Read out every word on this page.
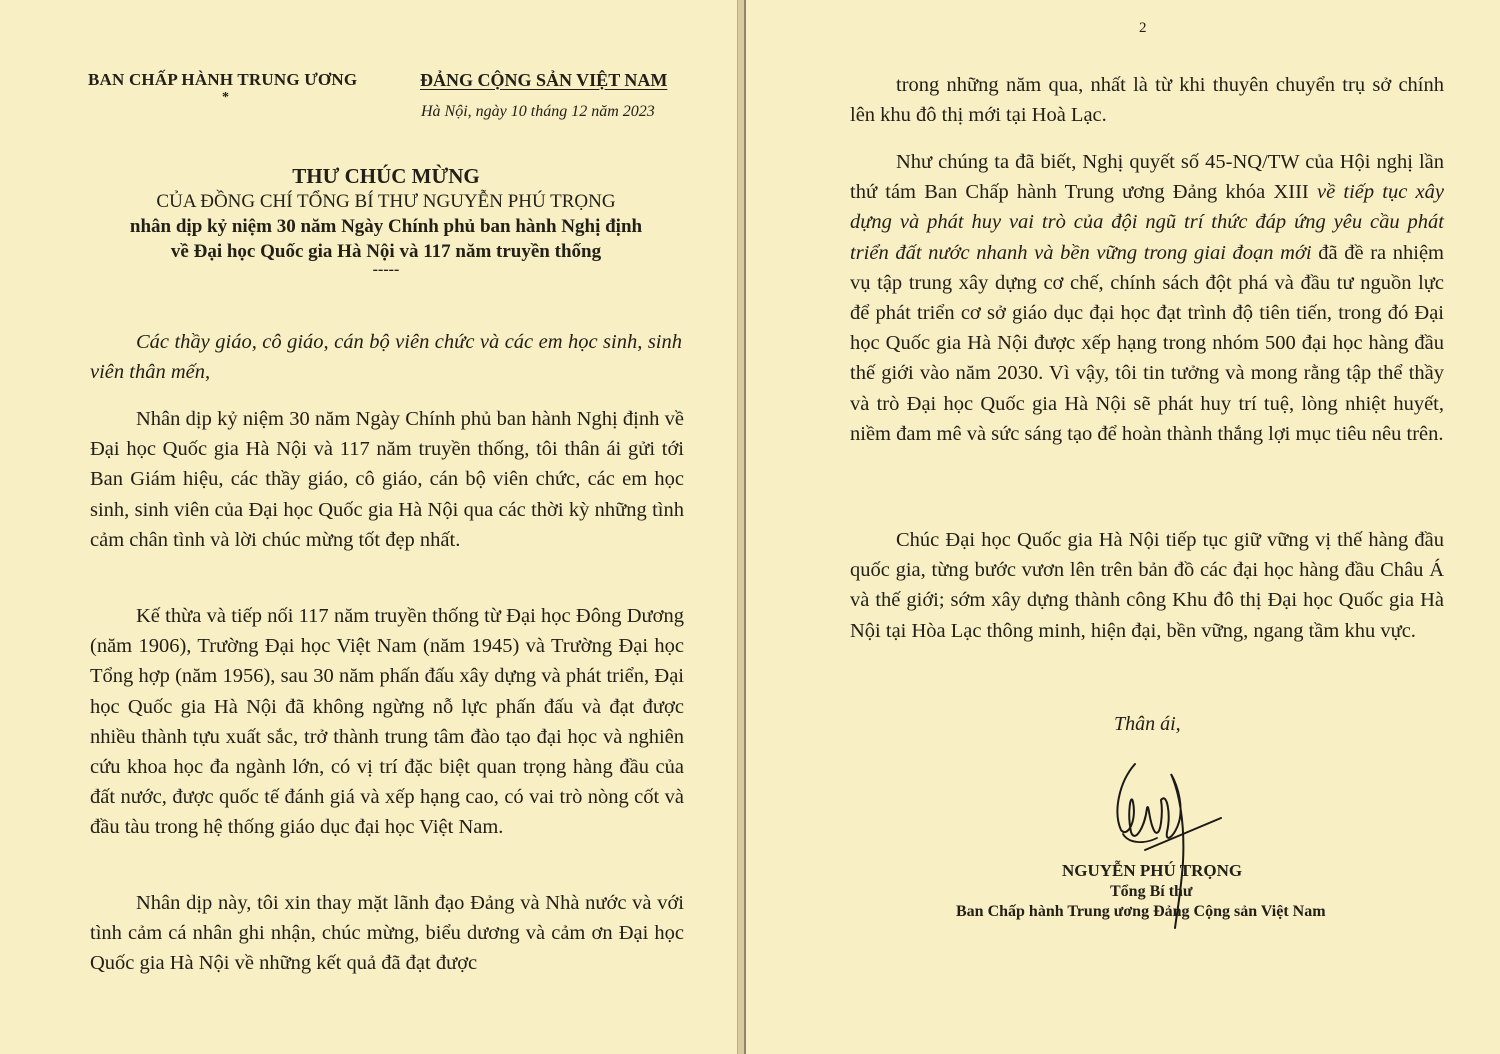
BAN CHẤP HÀNH TRUNG ƯƠNG
*
ĐẢNG CỘNG SẢN VIỆT NAM
Hà Nội, ngày 10 tháng 12 năm 2023
THƯ CHÚC MỪNG
CỦA ĐỒNG CHÍ TỔNG BÍ THƯ NGUYỄN PHÚ TRỌNG
nhân dịp kỷ niệm 30 năm Ngày Chính phủ ban hành Nghị định
về Đại học Quốc gia Hà Nội và 117 năm truyền thống
-----

Các thầy giáo, cô giáo, cán bộ viên chức và các em học sinh, sinh viên thân mến,

Nhân dịp kỷ niệm 30 năm Ngày Chính phủ ban hành Nghị định về Đại học Quốc gia Hà Nội và 117 năm truyền thống, tôi thân ái gửi tới Ban Giám hiệu, các thầy giáo, cô giáo, cán bộ viên chức, các em học sinh, sinh viên của Đại học Quốc gia Hà Nội qua các thời kỳ những tình cảm chân tình và lời chúc mừng tốt đẹp nhất.

Kế thừa và tiếp nối 117 năm truyền thống từ Đại học Đông Dương (năm 1906), Trường Đại học Việt Nam (năm 1945) và Trường Đại học Tổng hợp (năm 1956), sau 30 năm phấn đấu xây dựng và phát triển, Đại học Quốc gia Hà Nội đã không ngừng nỗ lực phấn đấu và đạt được nhiều thành tựu xuất sắc, trở thành trung tâm đào tạo đại học và nghiên cứu khoa học đa ngành lớn, có vị trí đặc biệt quan trọng hàng đầu của đất nước, được quốc tế đánh giá và xếp hạng cao, có vai trò nòng cốt và đầu tàu trong hệ thống giáo dục đại học Việt Nam.

Nhân dịp này, tôi xin thay mặt lãnh đạo Đảng và Nhà nước và với tình cảm cá nhân ghi nhận, chúc mừng, biểu dương và cảm ơn Đại học Quốc gia Hà Nội về những kết quả đã đạt được

2

trong những năm qua, nhất là từ khi thuyên chuyển trụ sở chính lên khu đô thị mới tại Hoà Lạc.

Như chúng ta đã biết, Nghị quyết số 45-NQ/TW của Hội nghị lần thứ tám Ban Chấp hành Trung ương Đảng khóa XIII về tiếp tục xây dựng và phát huy vai trò của đội ngũ trí thức đáp ứng yêu cầu phát triển đất nước nhanh và bền vững trong giai đoạn mới đã đề ra nhiệm vụ tập trung xây dựng cơ chế, chính sách đột phá và đầu tư nguồn lực để phát triển cơ sở giáo dục đại học đạt trình độ tiên tiến, trong đó Đại học Quốc gia Hà Nội được xếp hạng trong nhóm 500 đại học hàng đầu thế giới vào năm 2030. Vì vậy, tôi tin tưởng và mong rằng tập thể thầy và trò Đại học Quốc gia Hà Nội sẽ phát huy trí tuệ, lòng nhiệt huyết, niềm đam mê và sức sáng tạo để hoàn thành thắng lợi mục tiêu nêu trên.

Chúc Đại học Quốc gia Hà Nội tiếp tục giữ vững vị thế hàng đầu quốc gia, từng bước vươn lên trên bản đồ các đại học hàng đầu Châu Á và thế giới; sớm xây dựng thành công Khu đô thị Đại học Quốc gia Hà Nội tại Hòa Lạc thông minh, hiện đại, bền vững, ngang tầm khu vực.

Thân ái,
NGUYỄN PHÚ TRỌNG
Tổng Bí thư
Ban Chấp hành Trung ương Đảng Cộng sản Việt Nam
